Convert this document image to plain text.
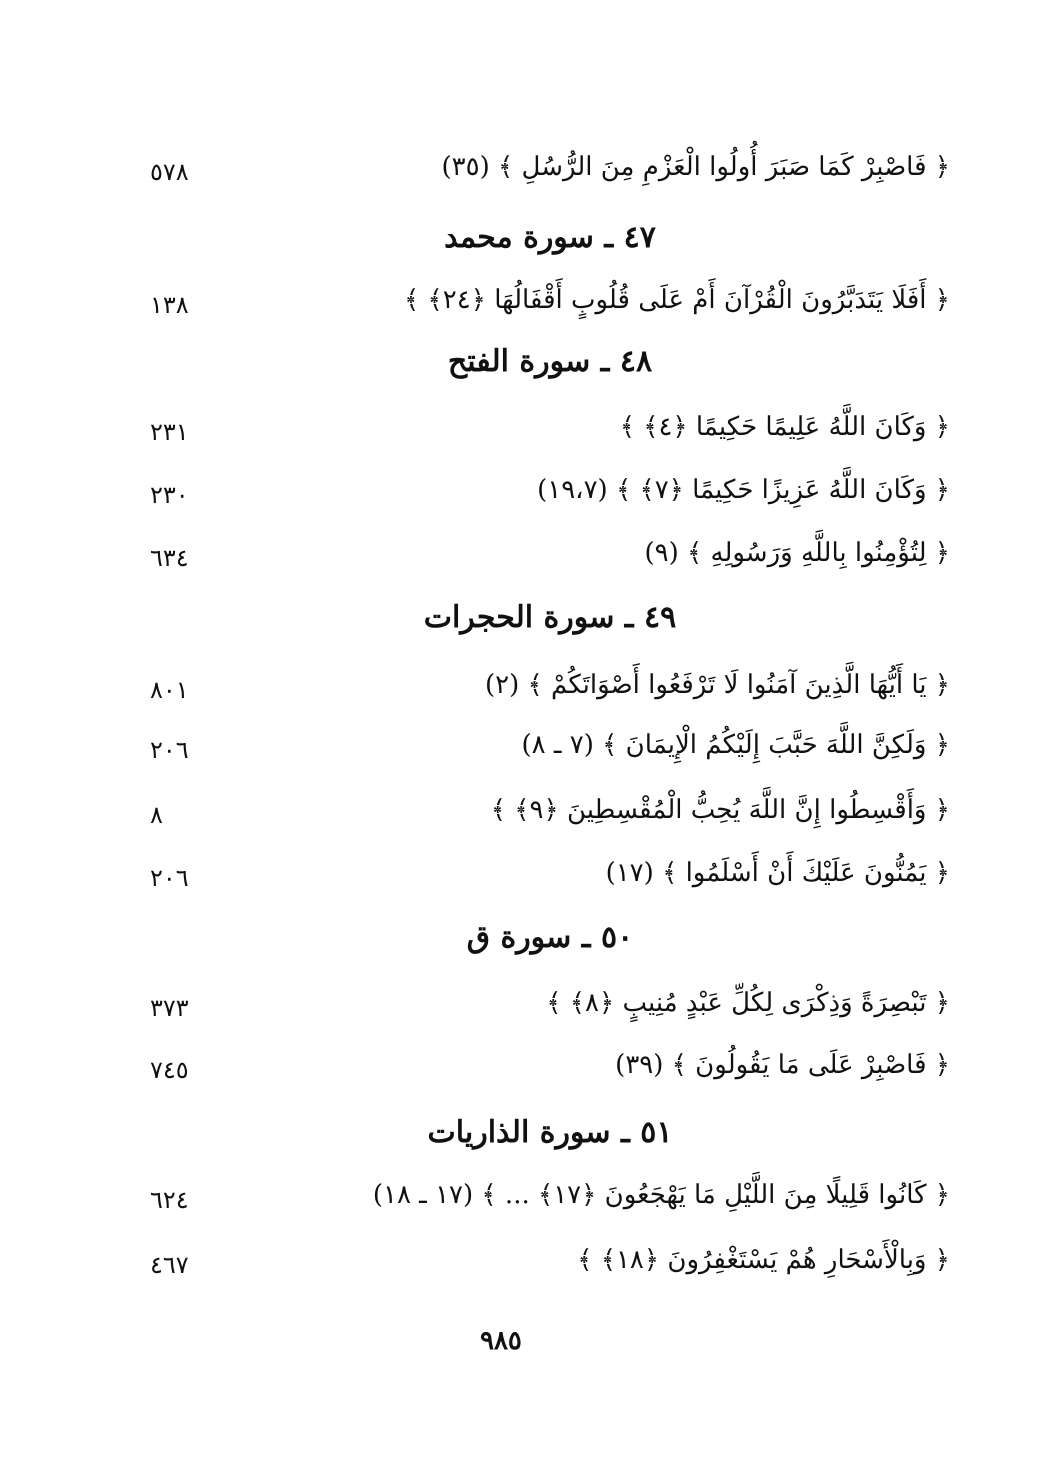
٥٧٨	﴿ فَاصْبِرْ كَمَا صَبَرَ أُولُوا الْعَزْمِ مِنَ الرُّسُلِ ﴾ (٣٥)
٤٧ ـ سورة محمد
١٣٨	﴿ أَفَلَا يَتَدَبَّرُونَ الْقُرْآنَ أَمْ عَلَى قُلُوبٍ أَقْفَالُهَا ﴿٢٤﴾ ﴾
٤٨ ـ سورة الفتح
٢٣١	﴿ وَكَانَ اللَّهُ عَلِيمًا حَكِيمًا ﴿٤﴾ ﴾
٢٣٠	﴿ وَكَانَ اللَّهُ عَزِيزًا حَكِيمًا ﴿٧﴾ ﴾ (١٩،٧)
٦٣٤	﴿ لِتُؤْمِنُوا بِاللَّهِ وَرَسُولِهِ ﴾ (٩)
٤٩ ـ سورة الحجرات
٨٠١	﴿ يَا أَيُّهَا الَّذِينَ آمَنُوا لَا تَرْفَعُوا أَصْوَاتَكُمْ ﴾ (٢)
٢٠٦	﴿ وَلَكِنَّ اللَّهَ حَبَّبَ إِلَيْكُمُ الْإِيمَانَ ﴾ (٧ ـ ٨)
٨	﴿ وَأَقْسِطُوا إِنَّ اللَّهَ يُحِبُّ الْمُقْسِطِينَ ﴿٩﴾ ﴾
٢٠٦	﴿ يَمُنُّونَ عَلَيْكَ أَنْ أَسْلَمُوا ﴾ (١٧)
٥٠ ـ سورة ق
٣٧٣	﴿ تَبْصِرَةً وَذِكْرَى لِكُلِّ عَبْدٍ مُنِيبٍ ﴿٨﴾ ﴾
٧٤٥	﴿ فَاصْبِرْ عَلَى مَا يَقُولُونَ ﴾ (٣٩)
٥١ ـ سورة الذاريات
٦٢٤	﴿ كَانُوا قَلِيلًا مِنَ اللَّيْلِ مَا يَهْجَعُونَ ﴿١٧﴾ ... ﴾ (١٧ ـ ١٨)
٤٦٧	﴿ وَبِالْأَسْحَارِ هُمْ يَسْتَغْفِرُونَ ﴿١٨﴾ ﴾
٩٨٥
